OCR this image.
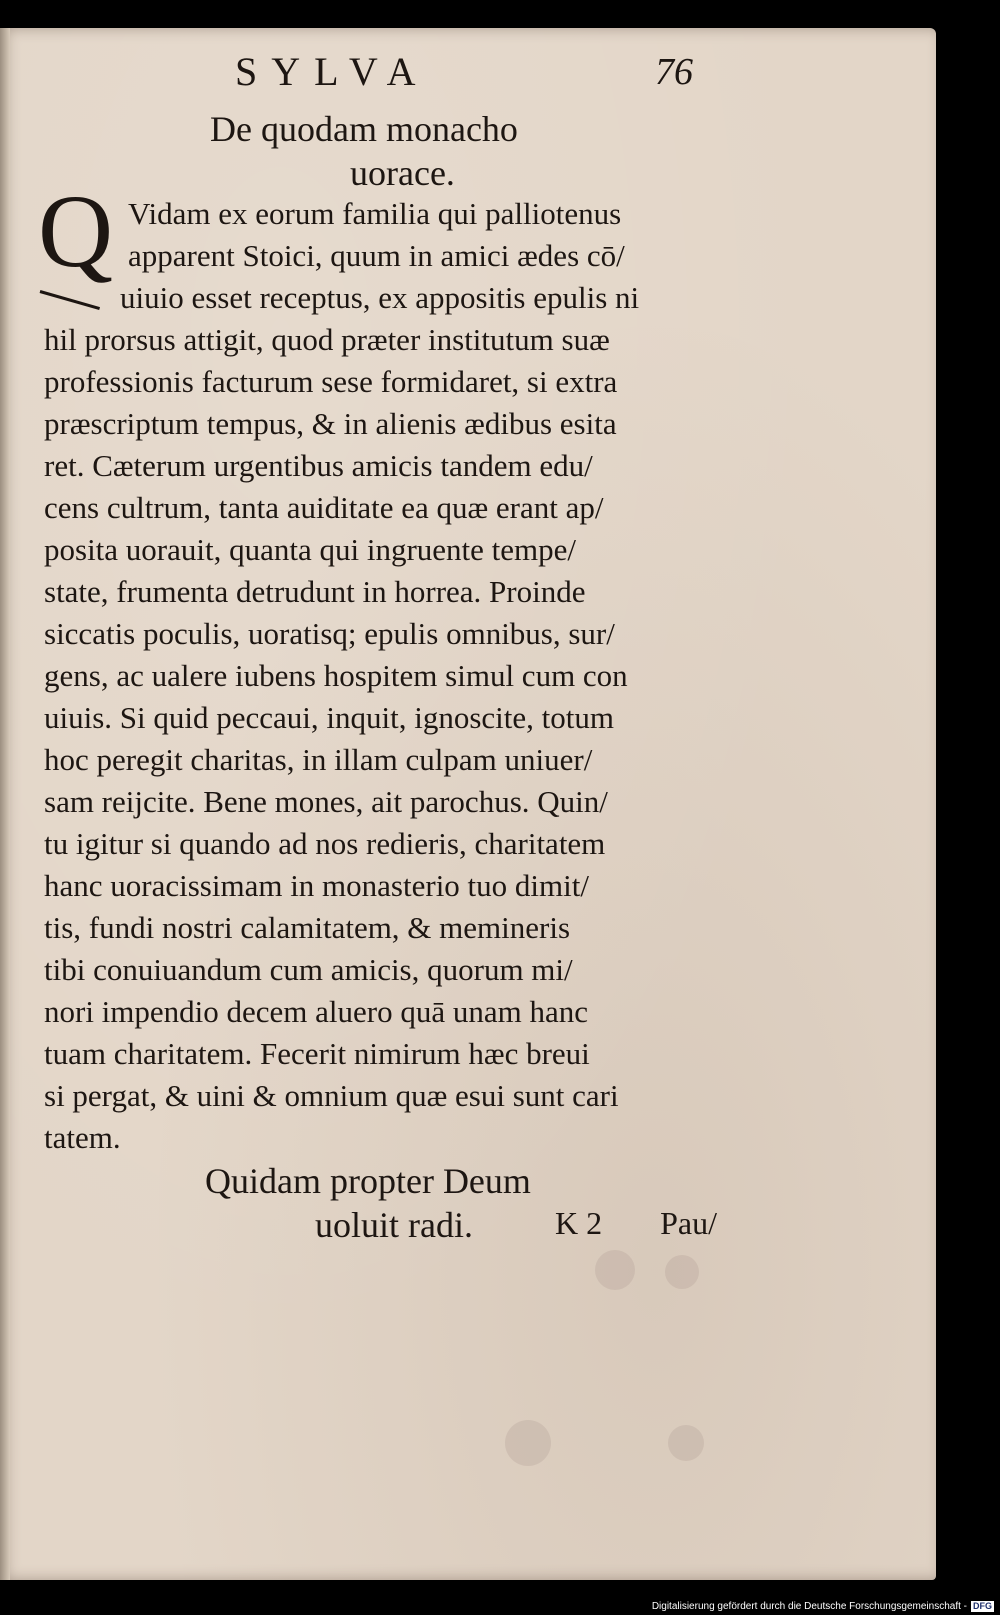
SYLVA	76
De quodam monacho
uorace.
Q Vidam ex eorum familia qui palliotenus
apparent Stoici, quum in amici ædes cō/
uiuio esset receptus, ex appositis epulis ni
hil prorsus attigit, quod præter institutum suæ
professionis facturum sese formidaret, si extra
præscriptum tempus, & in alienis ædibus esita
ret. Cæterum urgentibus amicis tandem edu/
cens cultrum, tanta auiditate ea quæ erant ap/
posita uorauit, quanta qui ingruente tempe/
state, frumenta detrudunt in horrea. Proinde
siccatis poculis, uoratisq; epulis omnibus, sur/
gens, ac ualere iubens hospitem simul cum con
uiuis. Si quid peccaui, inquit, ignoscite, totum
hoc peregit charitas, in illam culpam uniuer/
sam reijcite. Bene mones, ait parochus. Quin/
tu igitur si quando ad nos redieris, charitatem
hanc uoracissimam in monasterio tuo dimit/
tis, fundi nostri calamitatem, & memineris
tibi conuiuandum cum amicis, quorum mi/
nori impendio decem aluero quā unam hanc
tuam charitatem. Fecerit nimirum hæc breui
si pergat, & uini & omnium quæ esui sunt cari
tatem.
Quidam propter Deum
uoluit radi.	K 2 Pau/
Digitalisierung gefördert durch die Deutsche Forschungsgemeinschaft - DFG
